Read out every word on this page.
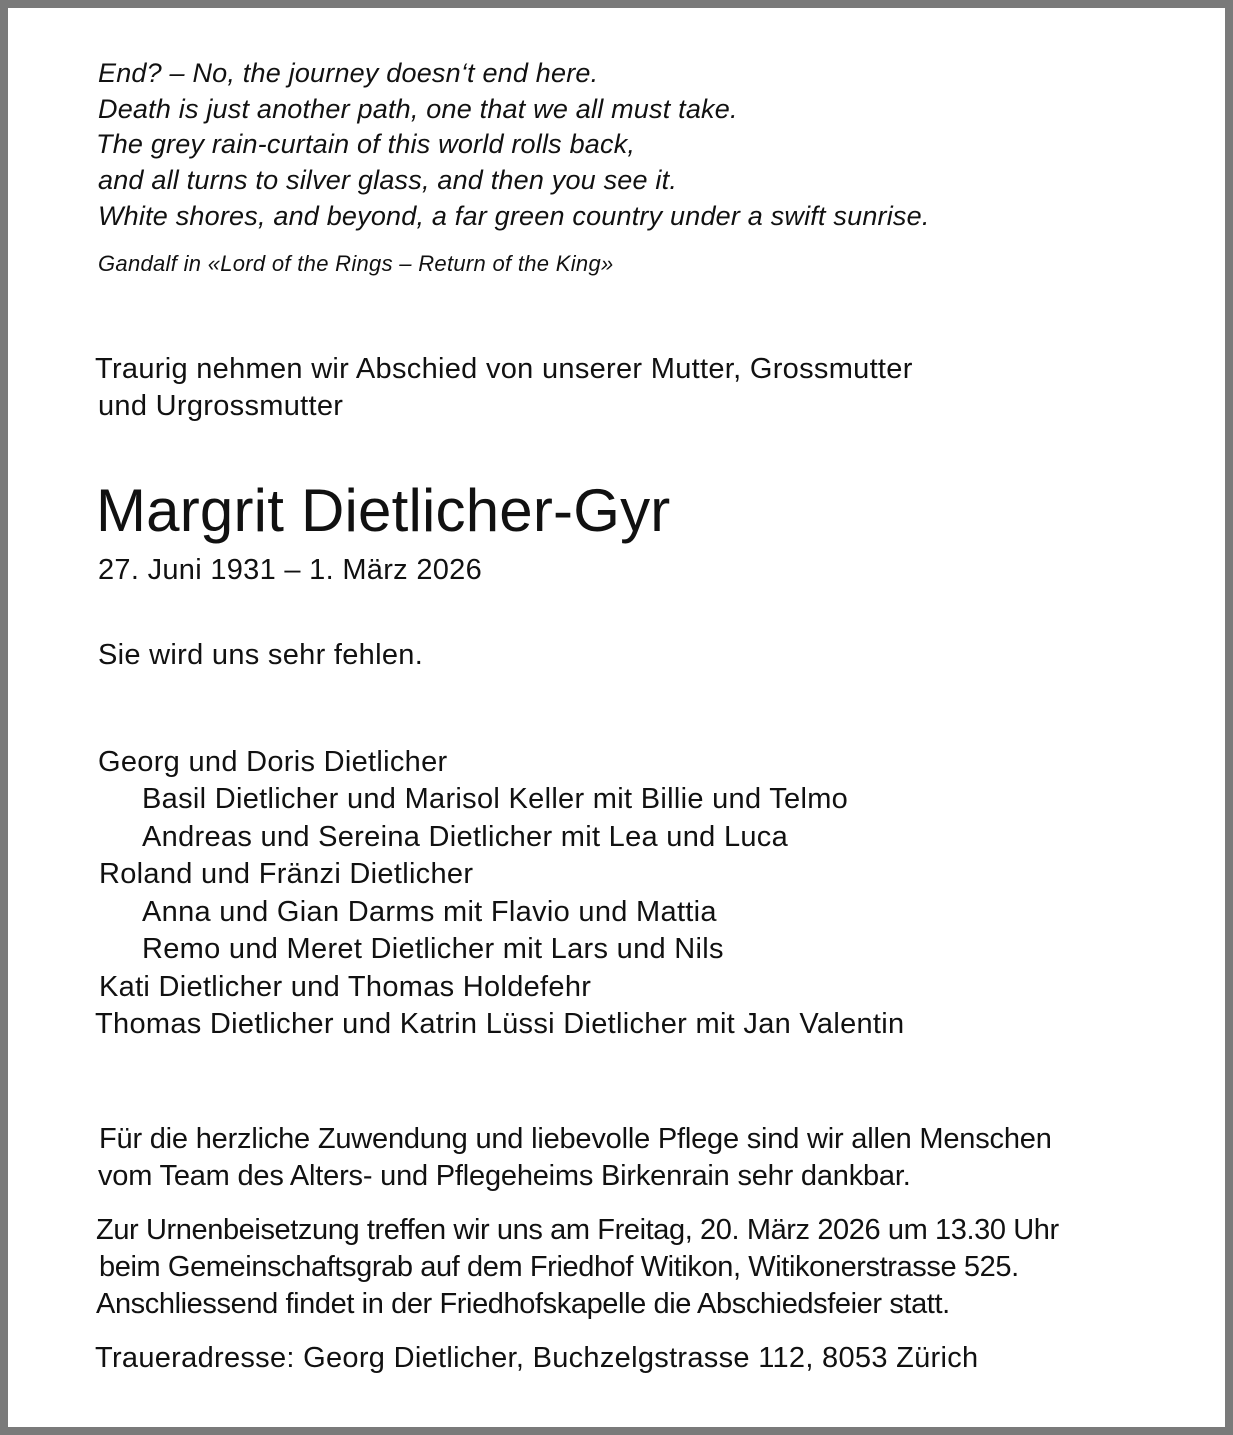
End? – No, the journey doesn‘t end here.

Death is just another path, one that we all must take.

The grey rain-curtain of this world rolls back,

and all turns to silver glass, and then you see it.

White shores, and beyond, a far green country under a swift sunrise.

Gandalf in «Lord of the Rings – Return of the King»

Traurig nehmen wir Abschied von unserer Mutter, Grossmutter

und Urgrossmutter

Margrit Dietlicher-Gyr

27. Juni 1931 – 1. März 2026

Sie wird uns sehr fehlen.

Georg und Doris Dietlicher

Basil Dietlicher und Marisol Keller mit Billie und Telmo

Andreas und Sereina Dietlicher mit Lea und Luca

Roland und Fränzi Dietlicher

Anna und Gian Darms mit Flavio und Mattia

Remo und Meret Dietlicher mit Lars und Nils

Kati Dietlicher und Thomas Holdefehr

Thomas Dietlicher und Katrin Lüssi Dietlicher mit Jan Valentin

Für die herzliche Zuwendung und liebevolle Pflege sind wir allen Menschen

vom Team des Alters- und Pflegeheims Birkenrain sehr dankbar.

Zur Urnenbeisetzung treffen wir uns am Freitag, 20. März 2026 um 13.30 Uhr

beim Gemeinschaftsgrab auf dem Friedhof Witikon, Witikonerstrasse 525.

Anschliessend findet in der Friedhofskapelle die Abschiedsfeier statt.

Traueradresse: Georg Dietlicher, Buchzelgstrasse 112, 8053 Zürich
